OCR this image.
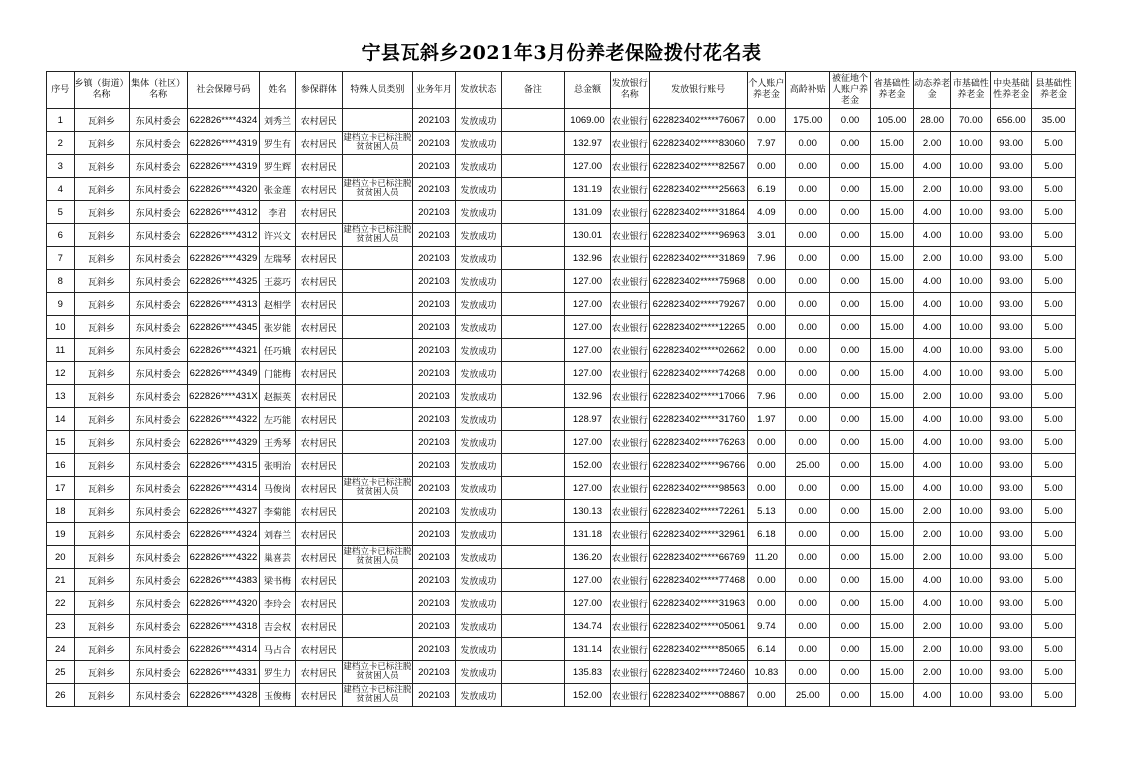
宁县瓦斜乡2021年3月份养老保险拨付花名表
序号	乡镇（街道）名称	集体（社区）名称	社会保障号码	姓名	参保群体	特殊人员类别	业务年月	发放状态	备注	总金额	发放银行名称	发放银行账号	个人账户养老金	高龄补贴	被征地个人账户养老金	省基础性养老金	动态养老金	市基础性养老金	中央基础性养老金	县基础性养老金
1	瓦斜乡	东风村委会	622826****4324	刘秀兰	农村居民		202103	发放成功		1069.00	农业银行	622823402*****76067	0.00	175.00	0.00	105.00	28.00	70.00	656.00	35.00
2	瓦斜乡	东风村委会	622826****4319	罗生有	农村居民	建档立卡已标注脱贫贫困人员	202103	发放成功		132.97	农业银行	622823402*****83060	7.97	0.00	0.00	15.00	2.00	10.00	93.00	5.00
3	瓦斜乡	东风村委会	622826****4319	罗生辉	农村居民		202103	发放成功		127.00	农业银行	622823402*****82567	0.00	0.00	0.00	15.00	4.00	10.00	93.00	5.00
4	瓦斜乡	东风村委会	622826****4320	张金莲	农村居民	建档立卡已标注脱贫贫困人员	202103	发放成功		131.19	农业银行	622823402*****25663	6.19	0.00	0.00	15.00	2.00	10.00	93.00	5.00
5	瓦斜乡	东风村委会	622826****4312	李君	农村居民		202103	发放成功		131.09	农业银行	622823402*****31864	4.09	0.00	0.00	15.00	4.00	10.00	93.00	5.00
6	瓦斜乡	东风村委会	622826****4312	许兴文	农村居民	建档立卡已标注脱贫贫困人员	202103	发放成功		130.01	农业银行	622823402*****96963	3.01	0.00	0.00	15.00	4.00	10.00	93.00	5.00
7	瓦斜乡	东风村委会	622826****4329	左瑞琴	农村居民		202103	发放成功		132.96	农业银行	622823402*****31869	7.96	0.00	0.00	15.00	2.00	10.00	93.00	5.00
8	瓦斜乡	东风村委会	622826****4325	王蕊巧	农村居民		202103	发放成功		127.00	农业银行	622823402*****75968	0.00	0.00	0.00	15.00	4.00	10.00	93.00	5.00
9	瓦斜乡	东风村委会	622826****4313	赵相学	农村居民		202103	发放成功		127.00	农业银行	622823402*****79267	0.00	0.00	0.00	15.00	4.00	10.00	93.00	5.00
10	瓦斜乡	东风村委会	622826****4345	张岁能	农村居民		202103	发放成功		127.00	农业银行	622823402*****12265	0.00	0.00	0.00	15.00	4.00	10.00	93.00	5.00
11	瓦斜乡	东风村委会	622826****4321	任巧娥	农村居民		202103	发放成功		127.00	农业银行	622823402*****02662	0.00	0.00	0.00	15.00	4.00	10.00	93.00	5.00
12	瓦斜乡	东风村委会	622826****4349	门能梅	农村居民		202103	发放成功		127.00	农业银行	622823402*****74268	0.00	0.00	0.00	15.00	4.00	10.00	93.00	5.00
13	瓦斜乡	东风村委会	622826****431X	赵振英	农村居民		202103	发放成功		132.96	农业银行	622823402*****17066	7.96	0.00	0.00	15.00	2.00	10.00	93.00	5.00
14	瓦斜乡	东风村委会	622826****4322	左巧能	农村居民		202103	发放成功		128.97	农业银行	622823402*****31760	1.97	0.00	0.00	15.00	4.00	10.00	93.00	5.00
15	瓦斜乡	东风村委会	622826****4329	王秀琴	农村居民		202103	发放成功		127.00	农业银行	622823402*****76263	0.00	0.00	0.00	15.00	4.00	10.00	93.00	5.00
16	瓦斜乡	东风村委会	622826****4315	张明治	农村居民		202103	发放成功		152.00	农业银行	622823402*****96766	0.00	25.00	0.00	15.00	4.00	10.00	93.00	5.00
17	瓦斜乡	东风村委会	622826****4314	马俊岗	农村居民	建档立卡已标注脱贫贫困人员	202103	发放成功		127.00	农业银行	622823402*****98563	0.00	0.00	0.00	15.00	4.00	10.00	93.00	5.00
18	瓦斜乡	东风村委会	622826****4327	李菊能	农村居民		202103	发放成功		130.13	农业银行	622823402*****72261	5.13	0.00	0.00	15.00	2.00	10.00	93.00	5.00
19	瓦斜乡	东风村委会	622826****4324	刘春兰	农村居民		202103	发放成功		131.18	农业银行	622823402*****32961	6.18	0.00	0.00	15.00	2.00	10.00	93.00	5.00
20	瓦斜乡	东风村委会	622826****4322	巢喜芸	农村居民	建档立卡已标注脱贫贫困人员	202103	发放成功		136.20	农业银行	622823402*****66769	11.20	0.00	0.00	15.00	2.00	10.00	93.00	5.00
21	瓦斜乡	东风村委会	622826****4383	梁书梅	农村居民		202103	发放成功		127.00	农业银行	622823402*****77468	0.00	0.00	0.00	15.00	4.00	10.00	93.00	5.00
22	瓦斜乡	东风村委会	622826****4320	李玲会	农村居民		202103	发放成功		127.00	农业银行	622823402*****31963	0.00	0.00	0.00	15.00	4.00	10.00	93.00	5.00
23	瓦斜乡	东风村委会	622826****4318	吉会权	农村居民		202103	发放成功		134.74	农业银行	622823402*****05061	9.74	0.00	0.00	15.00	2.00	10.00	93.00	5.00
24	瓦斜乡	东风村委会	622826****4314	马占合	农村居民		202103	发放成功		131.14	农业银行	622823402*****85065	6.14	0.00	0.00	15.00	2.00	10.00	93.00	5.00
25	瓦斜乡	东风村委会	622826****4331	罗生力	农村居民	建档立卡已标注脱贫贫困人员	202103	发放成功		135.83	农业银行	622823402*****72460	10.83	0.00	0.00	15.00	2.00	10.00	93.00	5.00
26	瓦斜乡	东风村委会	622826****4328	玉俊梅	农村居民	建档立卡已标注脱贫贫困人员	202103	发放成功		152.00	农业银行	622823402*****08867	0.00	25.00	0.00	15.00	4.00	10.00	93.00	5.00
